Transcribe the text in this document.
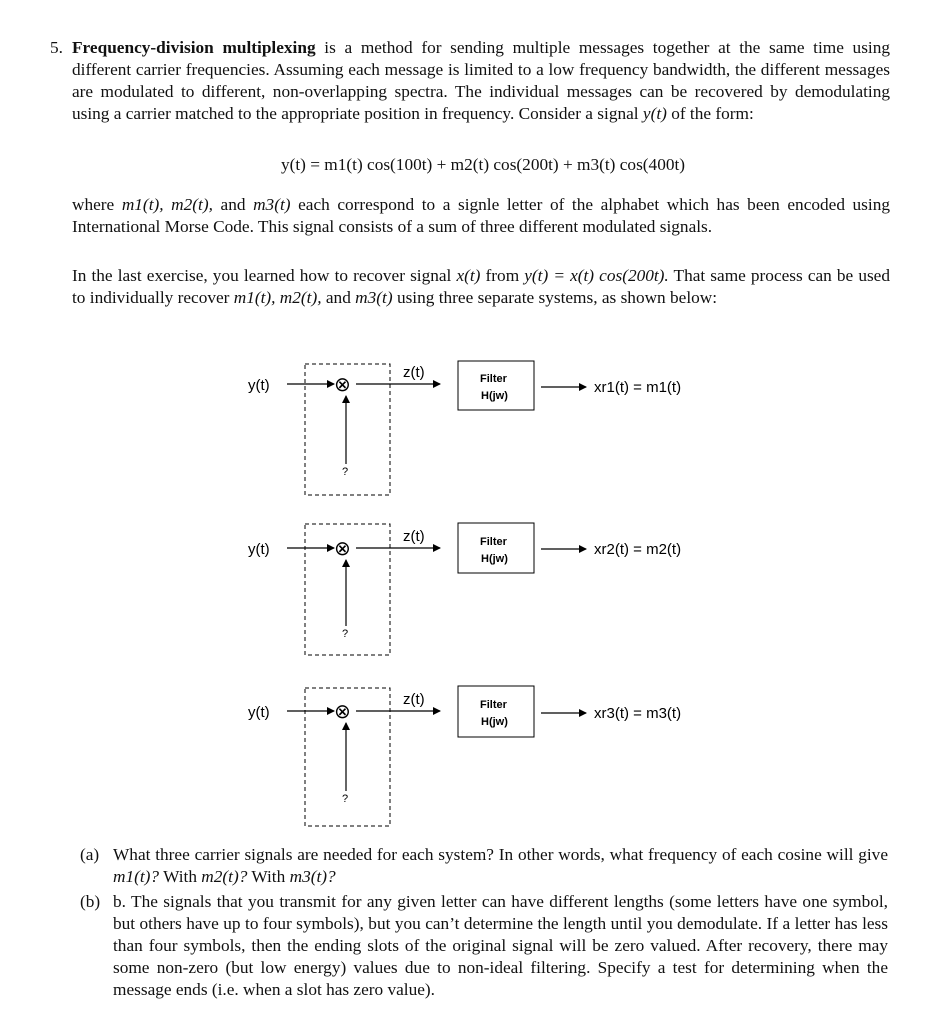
5. Frequency-division multiplexing is a method for sending multiple messages together at the same time using different carrier frequencies. Assuming each message is limited to a low frequency bandwidth, the different messages are modulated to different, non-overlapping spectra. The individual messages can be recovered by demodulating using a carrier matched to the appropriate position in frequency. Consider a signal y(t) of the form:
y(t) = m1(t) cos(100t) + m2(t) cos(200t) + m3(t) cos(400t)
where m1(t), m2(t), and m3(t) each correspond to a signle letter of the alphabet which has been encoded using International Morse Code. This signal consists of a sum of three different modulated signals.
In the last exercise, you learned how to recover signal x(t) from y(t) = x(t) cos(200t). That same process can be used to individually recover m1(t), m2(t), and m3(t) using three separate systems, as shown below:
y(t)	⊗
z(t)
?
Filter
H(jw)	xr1(t) = m1(t)
y(t)	⊗
z(t)
?
Filter
H(jw)
xr2(t) = m2(t)
y(t)	⊗
z(t)
?
Filter
H(jw)	xr3(t) = m3(t)
(a) What three carrier signals are needed for each system? In other words, what frequency of each cosine will give m1(t)? With m2(t)? With m3(t)?
(b) b. The signals that you transmit for any given letter can have different lengths (some letters have one symbol, but others have up to four symbols), but you can’t determine the length until you demodulate. If a letter has less than four symbols, then the ending slots of the original signal will be zero valued. After recovery, there may some non-zero (but low energy) values due to non-ideal filtering. Specify a test for determining when the message ends (i.e. when a slot has zero value).
